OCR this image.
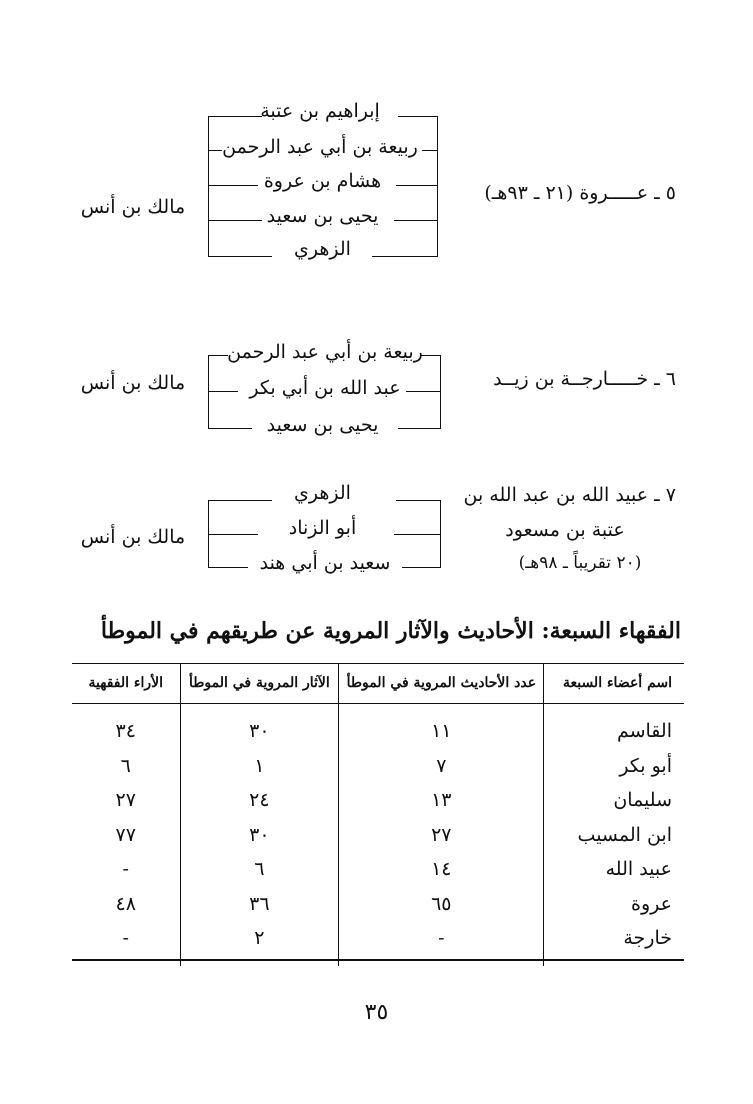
٥ ـ عـــــروة (٢١ ـ ٩٣هـ)
مالك بن أنس
إبراهيم بن عتبة
ربيعة بن أبي عبد الرحمن
هشام بن عروة
يحيى بن سعيد
الزهري
٦ ـ خـــــارجــة بن زيــد
مالك بن أنس
ربيعة بن أبي عبد الرحمن
عبد الله بن أبي بكر
يحيى بن سعيد
٧ ـ عبيد الله بن عبد الله بن
عتبة بن مسعود
(٢٠ تقريباً ـ ٩٨هـ)
مالك بن أنس
الزهري
أبو الزناد
سعيد بن أبي هند
الفقهاء السبعة: الأحاديث والآثار المروية عن طريقهم في الموطأ
اسم أعضاء السبعة	عدد الأحاديث المروية في الموطأ	الآثار المروية في الموطأ	الأراء الفقهية
القاسم	١١	٣٠	٣٤
أبو بكر	٧	١	٦
سليمان	١٣	٢٤	٢٧
ابن المسيب	٢٧	٣٠	٧٧
عبيد الله	١٤	٦	-
عروة	٦٥	٣٦	٤٨
خارجة	-	٢	-
٣٥
